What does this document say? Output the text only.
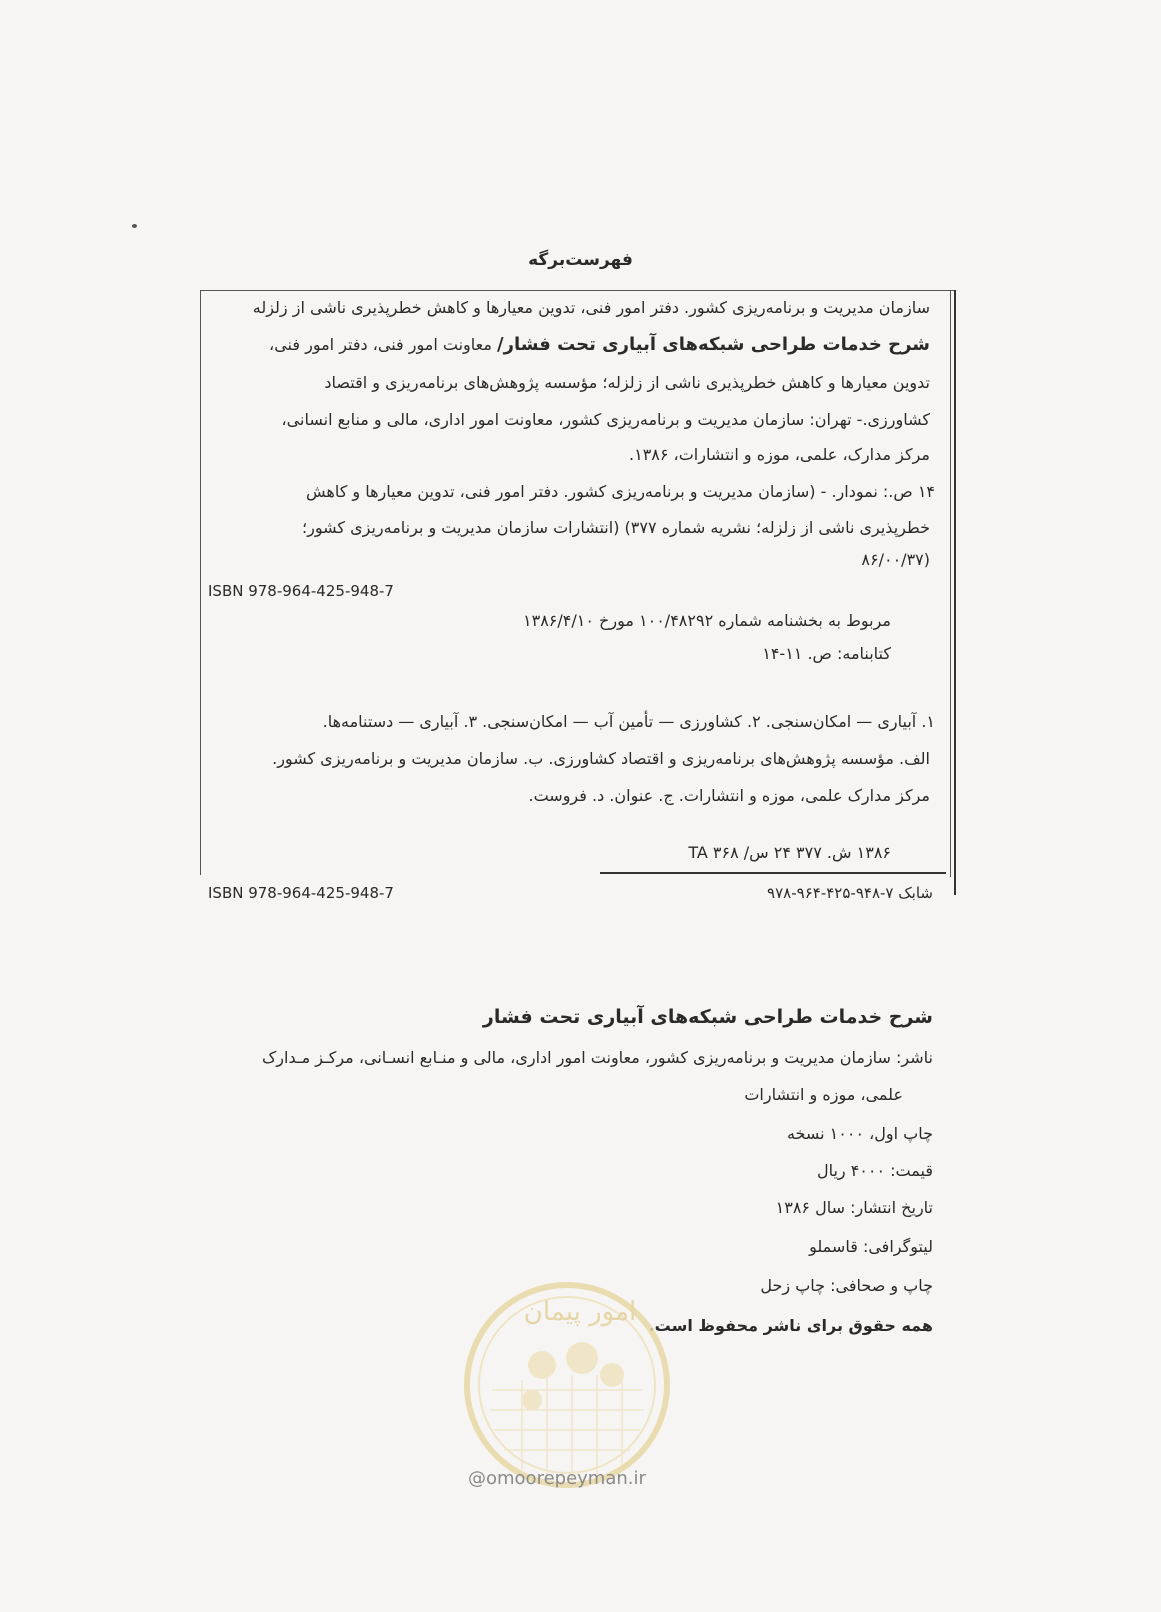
فهرست‌برگه
سازمان مدیریت و برنامه‌ریزی کشور. دفتر امور فنی، تدوین معیارها و کاهش خطرپذیری ناشی از زلزله
شرح خدمات طراحی شبکه‌های آبیاری تحت فشار/ معاونت امور فنی، دفتر امور فنی،
تدوین معیارها و کاهش خطرپذیری ناشی از زلزله؛ مؤسسه پژوهش‌های برنامه‌ریزی و اقتصاد
کشاورزی.- تهران: سازمان مدیریت و برنامه‌ریزی کشور، معاونت امور اداری، مالی و منابع انسانی،
مرکز مدارک، علمی، موزه و انتشارات، ۱۳۸۶.
۱۴ ص.: نمودار. - (سازمان مدیریت و برنامه‌ریزی کشور. دفتر امور فنی، تدوین معیارها و کاهش
خطرپذیری ناشی از زلزله؛ نشریه شماره ۳۷۷) (انتشارات سازمان مدیریت و برنامه‌ریزی کشور؛
(۸۶/۰۰/۳۷
ISBN 978-964-425-948-7
مربوط به بخشنامه شماره ۱۰۰/۴۸۲۹۲ مورخ ۱۳۸۶/۴/۱۰
کتابنامه: ص. ۱۱-۱۴
۱. آبیاری — امکان‌سنجی. ۲. کشاورزی — تأمین آب — امکان‌سنجی. ۳. آبیاری — دستنامه‌ها.
الف. مؤسسه پژوهش‌های برنامه‌ریزی و اقتصاد کشاورزی. ب. سازمان مدیریت و برنامه‌ریزی کشور.
مرکز مدارک علمی، موزه و انتشارات. ج. عنوان. د. فروست.
۱۳۸۶ ش. ۳۷۷ ۲۴ س/ ۳۶۸ TA
ISBN 978-964-425-948-7	شابک ۷-۹۴۸-۴۲۵-۹۶۴-۹۷۸
شرح خدمات طراحی شبکه‌های آبیاری تحت فشار
ناشر: سازمان مدیریت و برنامه‌ریزی کشور، معاونت امور اداری، مالی و منـابع انسـانی، مرکـز مـدارک
علمی، موزه و انتشارات
چاپ اول، ۱۰۰۰ نسخه
قیمت: ۴۰۰۰ ریال
تاریخ انتشار: سال ۱۳۸۶
لیتوگرافی: قاسملو
چاپ و صحافی: چاپ زحل
همه حقوق برای ناشر محفوظ است.
امور پیمان
@omoorepeyman.ir
